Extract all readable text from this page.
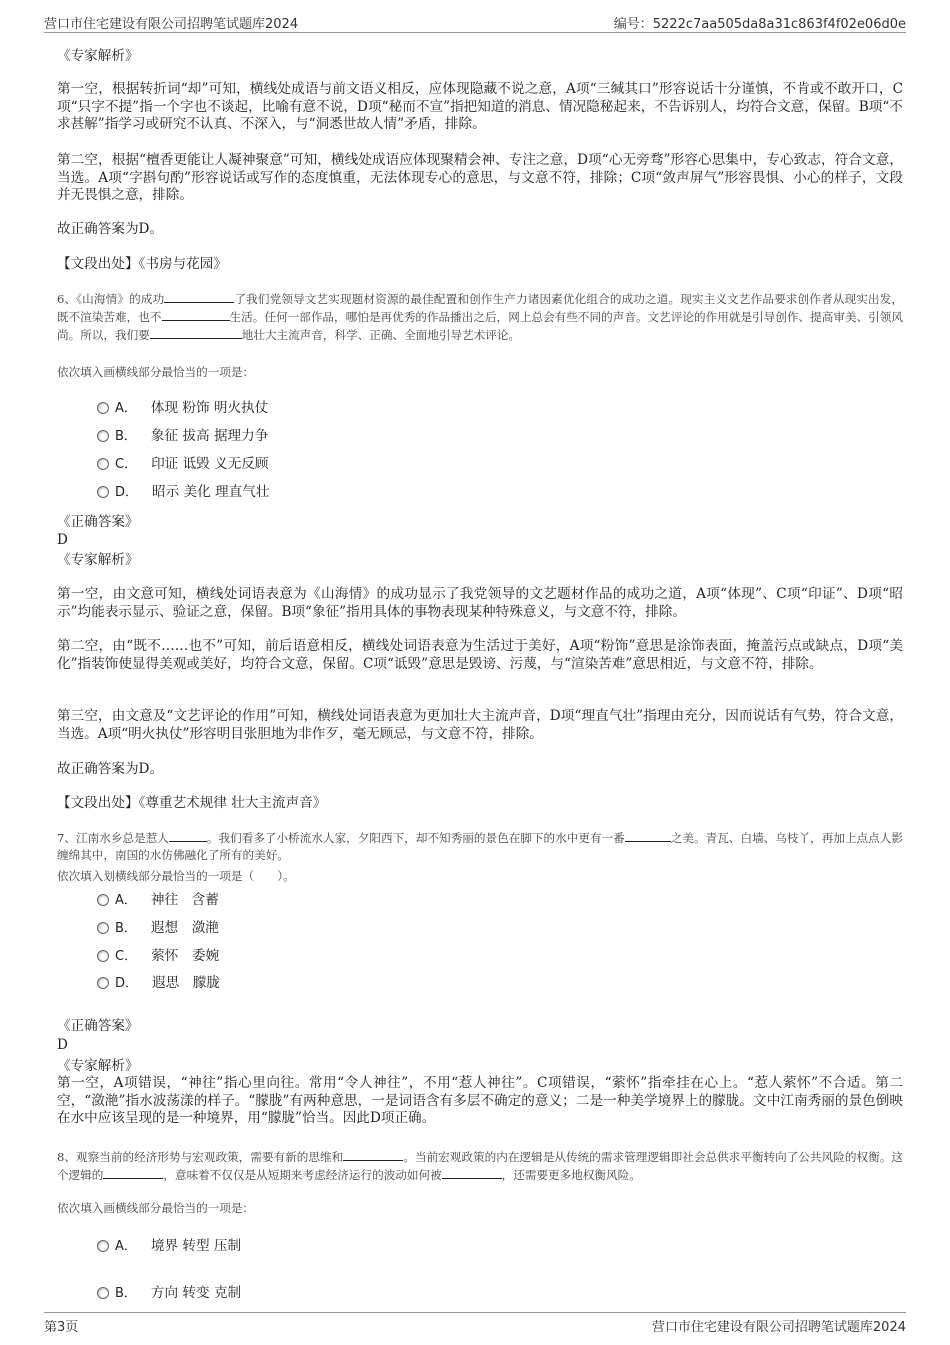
营口市住宅建设有限公司招聘笔试题库2024	编号：5222c7aa505da8a31c863f4f02e06d0e
《专家解析》

第一空，根据转折词“却”可知，横线处成语与前文语义相反，应体现隐藏不说之意，A项“三缄其口”形容说话十分谨慎，不肯或不敢开口，C项“只字不提”指一个字也不谈起，比喻有意不说，D项“秘而不宣”指把知道的消息、情况隐秘起来，不告诉别人，均符合文意，保留。B项“不求甚解”指学习或研究不认真、不深入，与“洞悉世故人情”矛盾，排除。

第二空，根据“檀香更能让人凝神聚意”可知，横线处成语应体现聚精会神、专注之意，D项“心无旁骛”形容心思集中，专心致志，符合文意，当选。A项“字斟句酌”形容说话或写作的态度慎重，无法体现专心的意思，与文意不符，排除；C项“敛声屏气”形容畏惧、小心的样子，文段并无畏惧之意，排除。

故正确答案为D。
【文段出处】《书房与花园》

6、《山海情》的成功	了我们党领导文艺实现题材资源的最佳配置和创作生产力诸因素优化组合的成功之道。现实主义文艺作品要求创作者从现实出发，既不渲染苦难，也不	生活。任何一部作品，哪怕是再优秀的作品播出之后，网上总会有些不同的声音。文艺评论的作用就是引导创作、提高审美、引领风尚。所以，我们要	地壮大主流声音，科学、正确、全面地引导艺术评论。

依次填入画横线部分最恰当的一项是：
A． 体现 粉饰 明火执仗
B． 象征 拔高 据理力争
C． 印证 诋毁 义无反顾
D． 昭示 美化 理直气壮
《正确答案》
D
《专家解析》

第一空，由文意可知，横线处词语表意为《山海情》的成功显示了我党领导的文艺题材作品的成功之道，A项“体现”、C项“印证”、D项“昭示”均能表示显示、验证之意，保留。B项“象征”指用具体的事物表现某种特殊意义，与文意不符，排除。

第二空，由“既不……也不”可知，前后语意相反，横线处词语表意为生活过于美好，A项“粉饰”意思是涂饰表面，掩盖污点或缺点，D项“美化”指装饰使显得美观或美好，均符合文意，保留。C项“诋毁”意思是毁谤、污蔑，与“渲染苦难”意思相近，与文意不符，排除。

第三空，由文意及“文艺评论的作用”可知，横线处词语表意为更加壮大主流声音，D项“理直气壮”指理由充分，因而说话有气势，符合文意，当选。A项“明火执仗”形容明目张胆地为非作歹，毫无顾忌，与文意不符，排除。

故正确答案为D。
【文段出处】《尊重艺术规律 壮大主流声音》

7、江南水乡总是惹人	。我们看多了小桥流水人家，夕阳西下，却不知秀丽的景色在脚下的水中更有一番	之美。青瓦、白墙、乌枝丫，再加上点点人影缠绵其中，南国的水仿佛融化了所有的美好。

依次填入划横线部分最恰当的一项是（　　）。
A． 神往　含蓄
B． 遐想　潋滟
C． 萦怀　委婉
D． 遐思　朦胧
《正确答案》
D
《专家解析》

第一空，A项错误，“神往”指心里向往。常用“令人神往”，不用“惹人神往”。C项错误，“萦怀”指牵挂在心上。“惹人萦怀”不合适。第二空，“潋滟”指水波荡漾的样子。“朦胧”有两种意思，一是词语含有多层不确定的意义；二是一种美学境界上的朦胧。文中江南秀丽的景色倒映在水中应该呈现的是一种境界，用“朦胧”恰当。因此D项正确。

8、观察当前的经济形势与宏观政策，需要有新的思维和	。当前宏观政策的内在逻辑是从传统的需求管理逻辑即社会总供求平衡转向了公共风险的权衡。这个逻辑的	，意味着不仅仅是从短期来考虑经济运行的波动如何被	，还需要更多地权衡风险。

依次填入画横线部分最恰当的一项是：
A． 境界 转型 压制
B． 方向 转变 克制
第3页	营口市住宅建设有限公司招聘笔试题库2024
